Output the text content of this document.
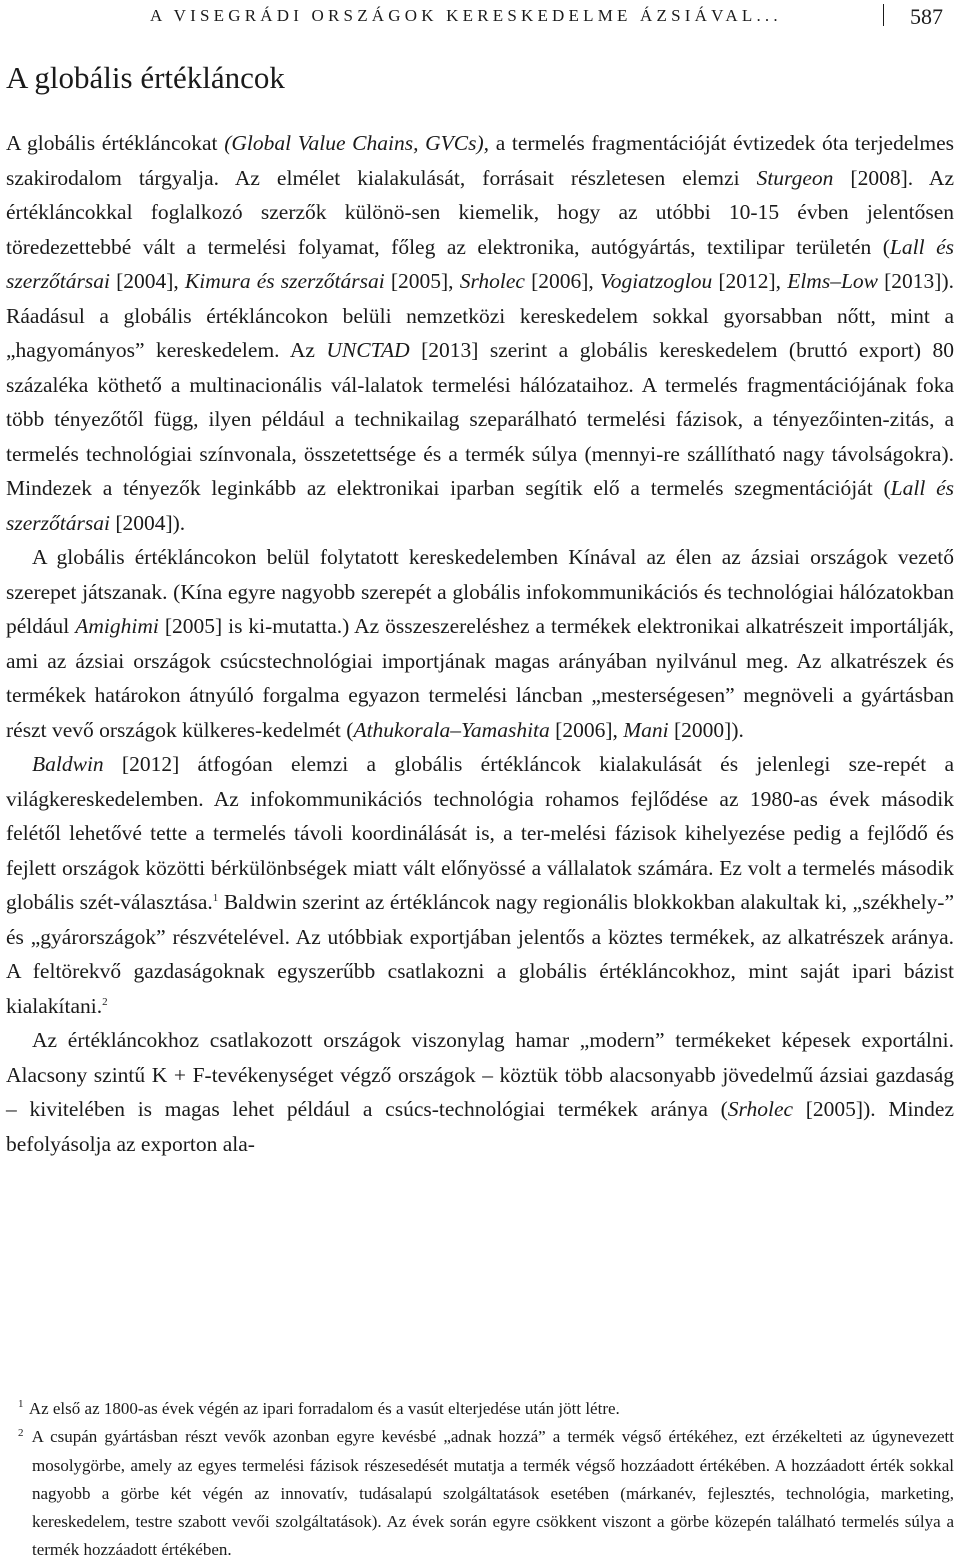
A VISEGRÁDI ORSZÁGOK KERESKEDELME ÁZSIÁVAL...	587
A globális értékláncok

A globális értékláncokat (Global Value Chains, GVCs), a termelés fragmentációját évtizedek óta terjedelmes szakirodalom tárgyalja. Az elmélet kialakulását, forrásait részletesen elemzi Sturgeon [2008]. Az értékláncokkal foglalkozó szerzők különö-sen kiemelik, hogy az utóbbi 10-15 évben jelentősen töredezettebbé vált a termelési folyamat, főleg az elektronika, autógyártás, textilipar területén (Lall és szerzőtársai [2004], Kimura és szerzőtársai [2005], Srholec [2006], Vogiatzoglou [2012], Elms–Low [2013]). Ráadásul a globális értékláncokon belüli nemzetközi kereskedelem sokkal gyorsabban nőtt, mint a „hagyományos” kereskedelem. Az UNCTAD [2013] szerint a globális kereskedelem (bruttó export) 80 százaléka köthető a multinacionális vál-lalatok termelési hálózataihoz. A termelés fragmentációjának foka több tényezőtől függ, ilyen például a technikailag szeparálható termelési fázisok, a tényezőinten-zitás, a termelés technológiai színvonala, összetettsége és a termék súlya (mennyi-re szállítható nagy távolságokra). Mindezek a tényezők leginkább az elektronikai iparban segítik elő a termelés szegmentációját (Lall és szerzőtársai [2004]).

A globális értékláncokon belül folytatott kereskedelemben Kínával az élen az ázsiai országok vezető szerepet játszanak. (Kína egyre nagyobb szerepét a globális infokommunikációs és technológiai hálózatokban például Amighimi [2005] is ki-mutatta.) Az összeszereléshez a termékek elektronikai alkatrészeit importálják, ami az ázsiai országok csúcstechnológiai importjának magas arányában nyilvánul meg. Az alkatrészek és termékek határokon átnyúló forgalma egyazon termelési láncban „mesterségesen” megnöveli a gyártásban részt vevő országok külkeres-kedelmét (Athukorala–Yamashita [2006], Mani [2000]).

Baldwin [2012] átfogóan elemzi a globális értékláncok kialakulását és jelenlegi sze-repét a világkereskedelemben. Az infokommunikációs technológia rohamos fejlődése az 1980-as évek második felétől lehetővé tette a termelés távoli koordinálását is, a ter-melési fázisok kihelyezése pedig a fejlődő és fejlett országok közötti bérkülönbségek miatt vált előnyössé a vállalatok számára. Ez volt a termelés második globális szét-választása.$^1$ Baldwin szerint az értékláncok nagy regionális blokkokban alakultak ki, „székhely-” és „gyárországok” részvételével. Az utóbbiak exportjában jelentős a köztes termékek, az alkatrészek aránya. A feltörekvő gazdaságoknak egyszerűbb csatlakozni a globális értékláncokhoz, mint saját ipari bázist kialakítani.$^2$

Az értékláncokhoz csatlakozott országok viszonylag hamar „modern” termékeket képesek exportálni. Alacsony szintű K + F-tevékenységet végző országok – köztük több alacsonyabb jövedelmű ázsiai gazdaság – kivitelében is magas lehet például a csúcs-technológiai termékek aránya (Srholec [2005]). Mindez befolyásolja az exporton ala-

$^1$ Az első az 1800-as évek végén az ipari forradalom és a vasút elterjedése után jött létre.

$^2$ A csupán gyártásban részt vevők azonban egyre kevésbé „adnak hozzá” a termék végső értékéhez, ezt érzékelteti az úgynevezett mosolygörbe, amely az egyes termelési fázisok részesedését mutatja a termék végső hozzáadott értékében. A hozzáadott érték sokkal nagyobb a görbe két végén az innovatív, tudásalapú szolgáltatások esetében (márkanév, fejlesztés, technológia, marketing, kereskedelem, testre szabott vevői szolgáltatások). Az évek során egyre csökkent viszont a görbe közepén található termelés súlya a termék hozzáadott értékében.
